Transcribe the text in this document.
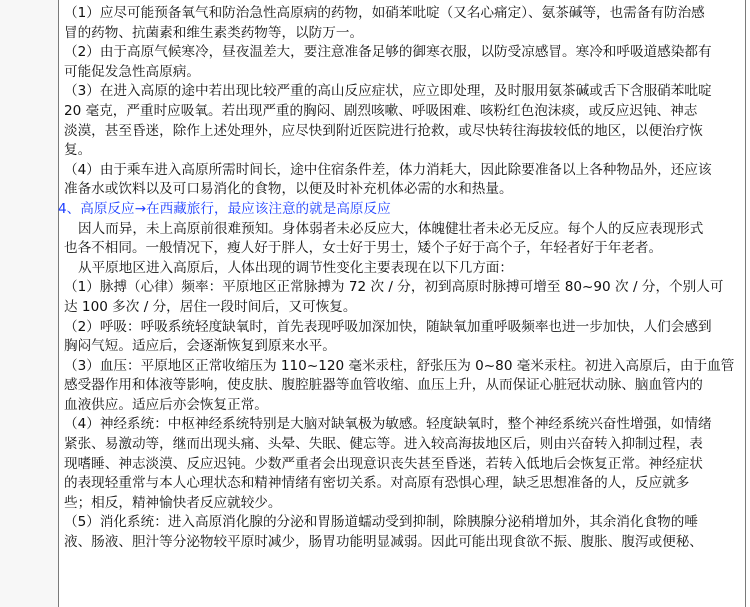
（1）应尽可能预备氧气和防治急性高原病的药物，如硝苯吡啶（又名心痛定）、氨茶碱等，也需备有防治感
冒的药物、抗菌素和维生素类药物等，以防万一。
（2）由于高原气候寒冷，昼夜温差大，要注意准备足够的御寒衣服，以防受凉感冒。寒冷和呼吸道感染都有
可能促发急性高原病。
（3）在进入高原的途中若出现比较严重的高山反应症状，应立即处理，及时服用氨茶碱或舌下含服硝苯吡啶
20 毫克，严重时应吸氧。若出现严重的胸闷、剧烈咳嗽、呼吸困难、咳粉红色泡沫痰，或反应迟钝、神志
淡漠，甚至昏迷，除作上述处理外，应尽快到附近医院进行抢救，或尽快转往海拔较低的地区，以便治疗恢
复。
（4）由于乘车进入高原所需时间长，途中住宿条件差，体力消耗大，因此除要准备以上各种物品外，还应该
准备水或饮料以及可口易消化的食物，以便及时补充机体必需的水和热量。
4、高原反应→在西藏旅行，最应该注意的就是高原反应
因人而异，未上高原前很难预知。身体弱者未必反应大，体魄健壮者未必无反应。每个人的反应表现形式
也各不相同。一般情况下，瘦人好于胖人，女士好于男士，矮个子好于高个子，年轻者好于年老者。
从平原地区进入高原后，人体出现的调节性变化主要表现在以下几方面：
（1）脉搏（心律）频率：平原地区正常脉搏为 72 次 / 分，初到高原时脉搏可增至 80~90 次 / 分，个别人可
达 100 多次 / 分，居住一段时间后，又可恢复。
（2）呼吸：呼吸系统轻度缺氧时，首先表现呼吸加深加快，随缺氧加重呼吸频率也进一步加快，人们会感到
胸闷气短。适应后，会逐渐恢复到原来水平。
（3）血压：平原地区正常收缩压为 110~120 毫米汞柱，舒张压为 0~80 毫米汞柱。初进入高原后，由于血管
感受器作用和体液等影响，使皮肤、腹腔脏器等血管收缩、血压上升，从而保证心脏冠状动脉、脑血管内的
血液供应。适应后亦会恢复正常。
（4）神经系统：中枢神经系统特别是大脑对缺氧极为敏感。轻度缺氧时，整个神经系统兴奋性增强，如情绪
紧张、易激动等，继而出现头痛、头晕、失眠、健忘等。进入较高海拔地区后，则由兴奋转入抑制过程，表
现嗜睡、神志淡漠、反应迟钝。少数严重者会出现意识丧失甚至昏迷，若转入低地后会恢复正常。神经症状
的表现轻重常与本人心理状态和精神情绪有密切关系。对高原有恐惧心理，缺乏思想准备的人，反应就多
些；相反，精神愉快者反应就较少。
（5）消化系统：进入高原消化腺的分泌和胃肠道蠕动受到抑制，除胰腺分泌稍增加外，其余消化食物的唾
液、肠液、胆汁等分泌物较平原时减少，肠胃功能明显减弱。因此可能出现食欲不振、腹胀、腹泻或便秘、
